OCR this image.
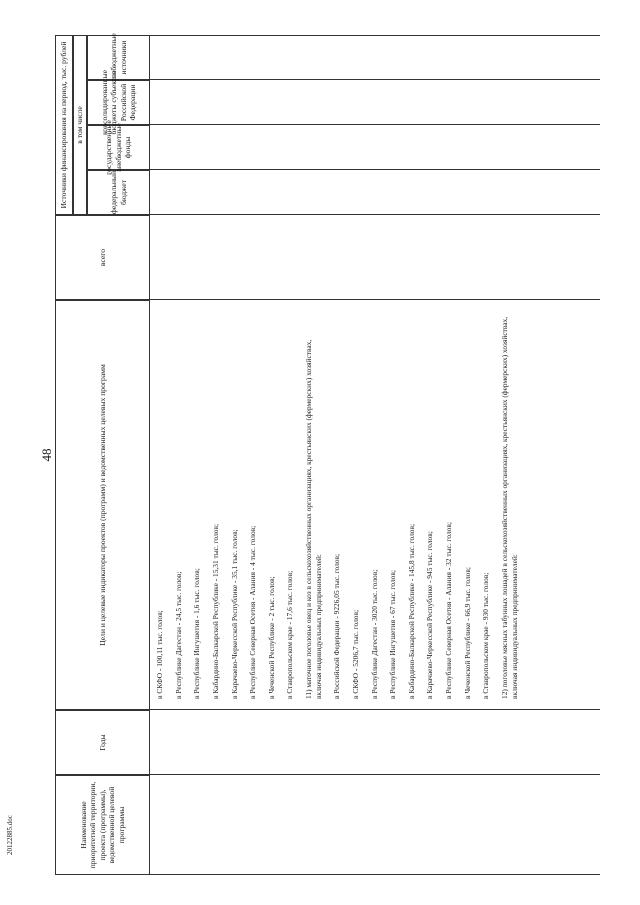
48
20122885.doc	Наименование приоритетной территории, проекта (программы), ведомственной целевой программы
Годы
Цели и целевые индикаторы проектов (программ) и ведомственных целевых программ
всего
Источники финансирования на период, тыс. рублей в том числе
федеральный бюджет
государственные внебюджетные фонды
консолидированные бюджеты субъектов Российской Федерации
внебюджетные источники
в СКФО - 100,11 тыс. голов; в Республике Дагестан - 24,5 тыс. голов; в Республике Ингушетия - 1,6 тыс. голов; в Кабардино-Балкарской Республике - 15,31 тыс. голов; в Карачаево-Черкесской Республике - 35,1 тыс. голов; в Республике Северная Осетия - Алания - 4 тыс. голов; в Чеченской Республике - 2 тыс. голов; в Ставропольском крае - 17,6 тыс. голов; 11) маточное поголовье овец и коз в сельскохозяйственных организациях, крестьянских (фермерских) хозяйствах, включая индивидуальных предпринимателей: в Российской Федерации - 9226,05 тыс. голов; в СКФО - 5206,7 тыс. голов; в Республике Дагестан - 3020 тыс. голов; в Республике Ингушетия - 67 тыс. голов; в Кабардино-Балкарской Республике - 145,8 тыс. голов; в Карачаево-Черкесской Республике - 945 тыс. голов; в Республике Северная Осетия - Алания - 32 тыс. голов; в Чеченской Республике - 66,9 тыс. голов; в Ставропольском крае - 930 тыс. голов; 12) поголовье мясных табунных лошадей в сельскохозяйственных организациях, крестьянских (фермерских) хозяйствах, включая индивидуальных предпринимателей:
